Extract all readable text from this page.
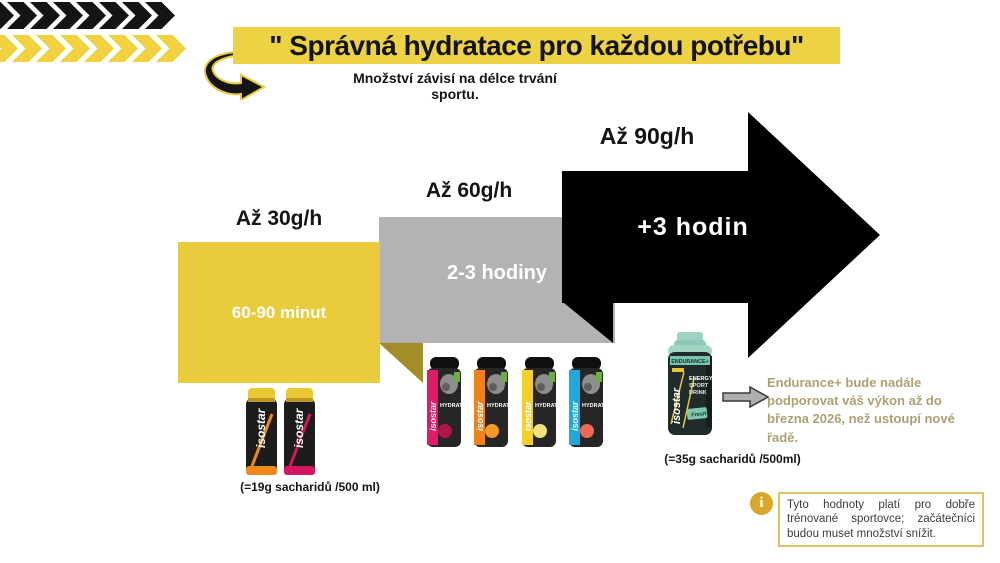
" Správná hydratace pro každou potřebu"
Množství závisí na délce trvání sportu.
Až 30g/h
Až 60g/h
Až 90g/h
2-3 hodiny
60-90 minut
+3 hodin
isostar isostar
(=19g sacharidů /500 ml)
isostar HYDRATE isostar HYDRATE isostar HYDRATE isostar HYDRATE
ENDURANCE+
isostar
ENERGY
SPORT
DRINK
Fresh
(=35g sacharidů /500ml)
Endurance+ bude nadále podporovat váš výkon až do března 2026, než ustoupí nové řadě.
i	Tyto hodnoty platí pro dobře trénované sportovce; začátečníci budou muset množství snížit.
